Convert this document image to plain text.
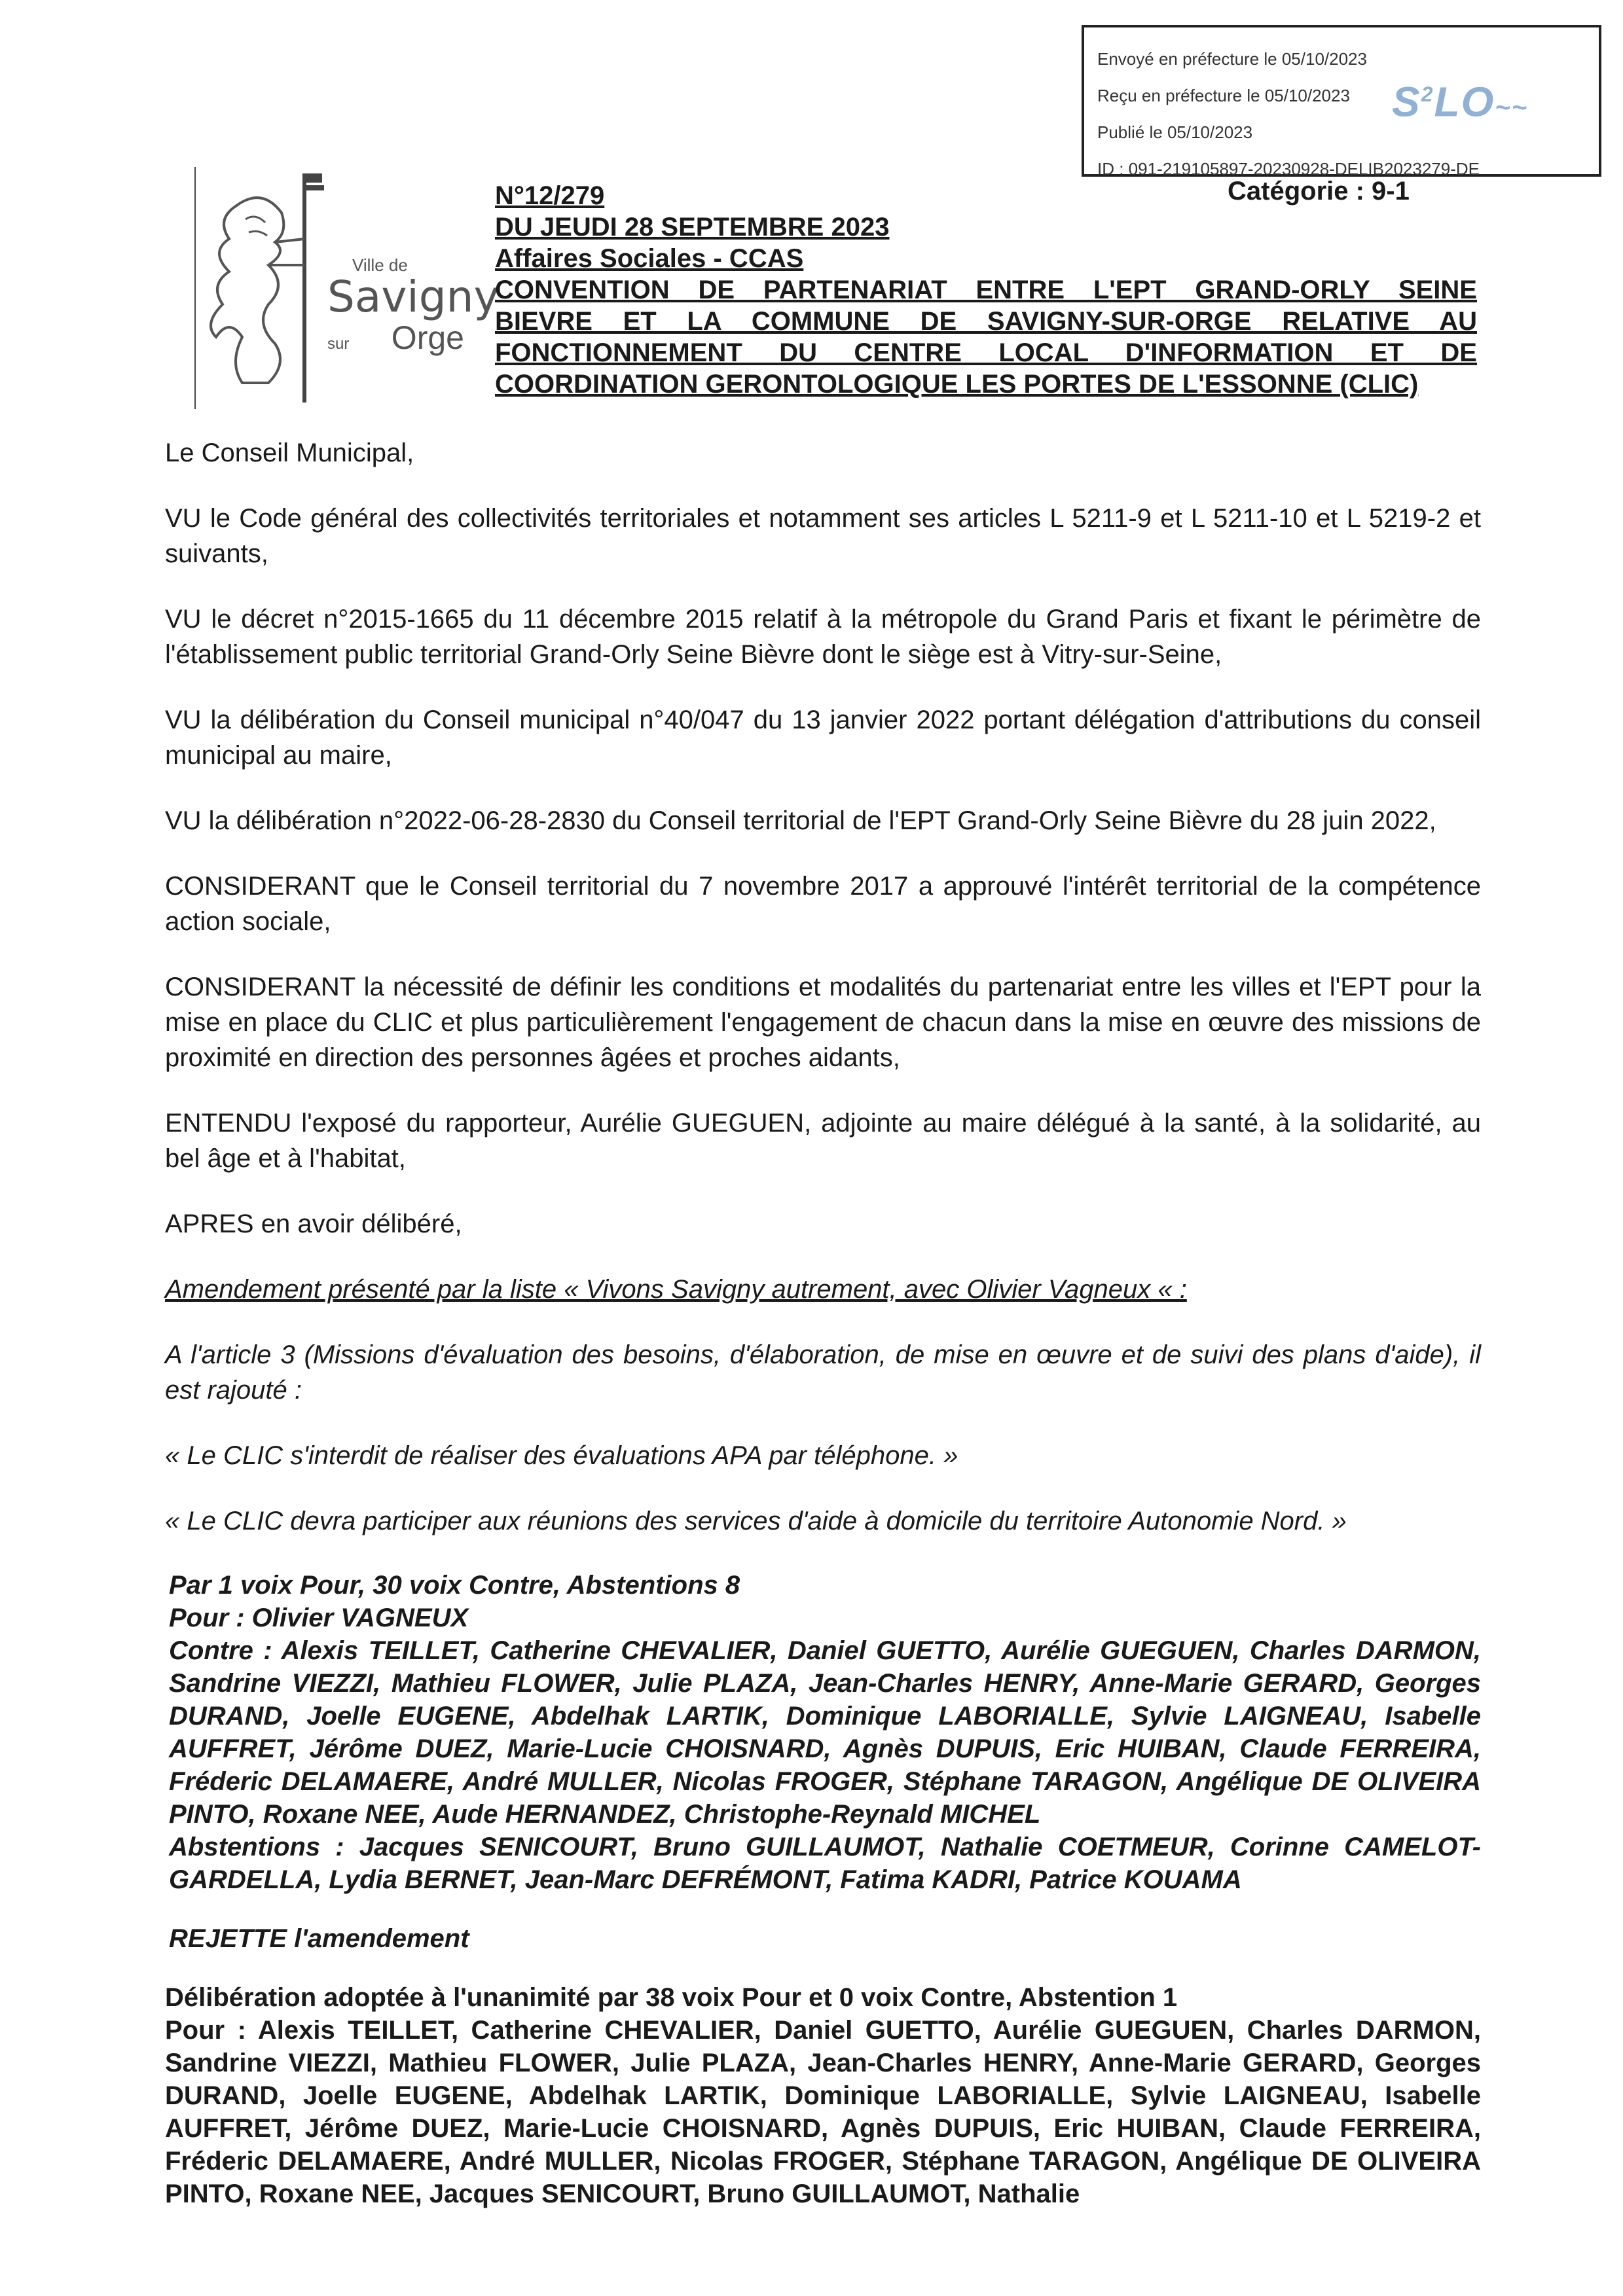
Envoyé en préfecture le 05/10/2023
Reçu en préfecture le 05/10/2023
Publié le 05/10/2023
ID : 091-219105897-20230928-DELIB2023279-DE
$S^2LO\sim\sim$
Ville de
Savigny
sur Orge
Catégorie : 9-1
N°12/279
DU JEUDI 28 SEPTEMBRE 2023
Affaires Sociales - CCAS
CONVENTION DE PARTENARIAT ENTRE L'EPT GRAND-ORLY SEINE
BIEVRE ET LA COMMUNE DE SAVIGNY-SUR-ORGE RELATIVE AU
FONCTIONNEMENT DU CENTRE LOCAL D'INFORMATION ET DE
COORDINATION GERONTOLOGIQUE LES PORTES DE L'ESSONNE (CLIC)

Le Conseil Municipal,

VU le Code général des collectivités territoriales et notamment ses articles L 5211-9 et L 5211-10 et L 5219-2 et suivants,

VU le décret n°2015-1665 du 11 décembre 2015 relatif à la métropole du Grand Paris et fixant le périmètre de l'établissement public territorial Grand-Orly Seine Bièvre dont le siège est à Vitry-sur-Seine,

VU la délibération du Conseil municipal n°40/047 du 13 janvier 2022 portant délégation d'attributions du conseil municipal au maire,

VU la délibération n°2022-06-28-2830 du Conseil territorial de l'EPT Grand-Orly Seine Bièvre du 28 juin 2022,

CONSIDERANT que le Conseil territorial du 7 novembre 2017 a approuvé l'intérêt territorial de la compétence action sociale,

CONSIDERANT la nécessité de définir les conditions et modalités du partenariat entre les villes et l'EPT pour la mise en place du CLIC et plus particulièrement l'engagement de chacun dans la mise en œuvre des missions de proximité en direction des personnes âgées et proches aidants,

ENTENDU l'exposé du rapporteur, Aurélie GUEGUEN, adjointe au maire délégué à la santé, à la solidarité, au bel âge et à l'habitat,

APRES en avoir délibéré,

Amendement présenté par la liste « Vivons Savigny autrement, avec Olivier Vagneux « :

A l'article 3 (Missions d'évaluation des besoins, d'élaboration, de mise en œuvre et de suivi des plans d'aide), il est rajouté :

« Le CLIC s'interdit de réaliser des évaluations APA par téléphone. »

« Le CLIC devra participer aux réunions des services d'aide à domicile du territoire Autonomie Nord. »

Par 1 voix Pour, 30 voix Contre, Abstentions 8
Pour : Olivier VAGNEUX
Contre : Alexis TEILLET, Catherine CHEVALIER, Daniel GUETTO, Aurélie GUEGUEN, Charles DARMON, Sandrine VIEZZI, Mathieu FLOWER, Julie PLAZA, Jean-Charles HENRY, Anne-Marie GERARD, Georges DURAND, Joelle EUGENE, Abdelhak LARTIK, Dominique LABORIALLE, Sylvie LAIGNEAU, Isabelle AUFFRET, Jérôme DUEZ, Marie-Lucie CHOISNARD, Agnès DUPUIS, Eric HUIBAN, Claude FERREIRA, Fréderic DELAMAERE, André MULLER, Nicolas FROGER, Stéphane TARAGON, Angélique DE OLIVEIRA PINTO, Roxane NEE, Aude HERNANDEZ, Christophe-Reynald MICHEL
Abstentions : Jacques SENICOURT, Bruno GUILLAUMOT, Nathalie COETMEUR, Corinne CAMELOT-GARDELLA, Lydia BERNET, Jean-Marc DEFRÉMONT, Fatima KADRI, Patrice KOUAMA
REJETTE l'amendement
Délibération adoptée à l'unanimité par 38 voix Pour et 0 voix Contre, Abstention 1
Pour : Alexis TEILLET, Catherine CHEVALIER, Daniel GUETTO, Aurélie GUEGUEN, Charles DARMON, Sandrine VIEZZI, Mathieu FLOWER, Julie PLAZA, Jean-Charles HENRY, Anne-Marie GERARD, Georges DURAND, Joelle EUGENE, Abdelhak LARTIK, Dominique LABORIALLE, Sylvie LAIGNEAU, Isabelle AUFFRET, Jérôme DUEZ, Marie-Lucie CHOISNARD, Agnès DUPUIS, Eric HUIBAN, Claude FERREIRA, Fréderic DELAMAERE, André MULLER, Nicolas FROGER, Stéphane TARAGON, Angélique DE OLIVEIRA PINTO, Roxane NEE, Jacques SENICOURT, Bruno GUILLAUMOT, Nathalie
